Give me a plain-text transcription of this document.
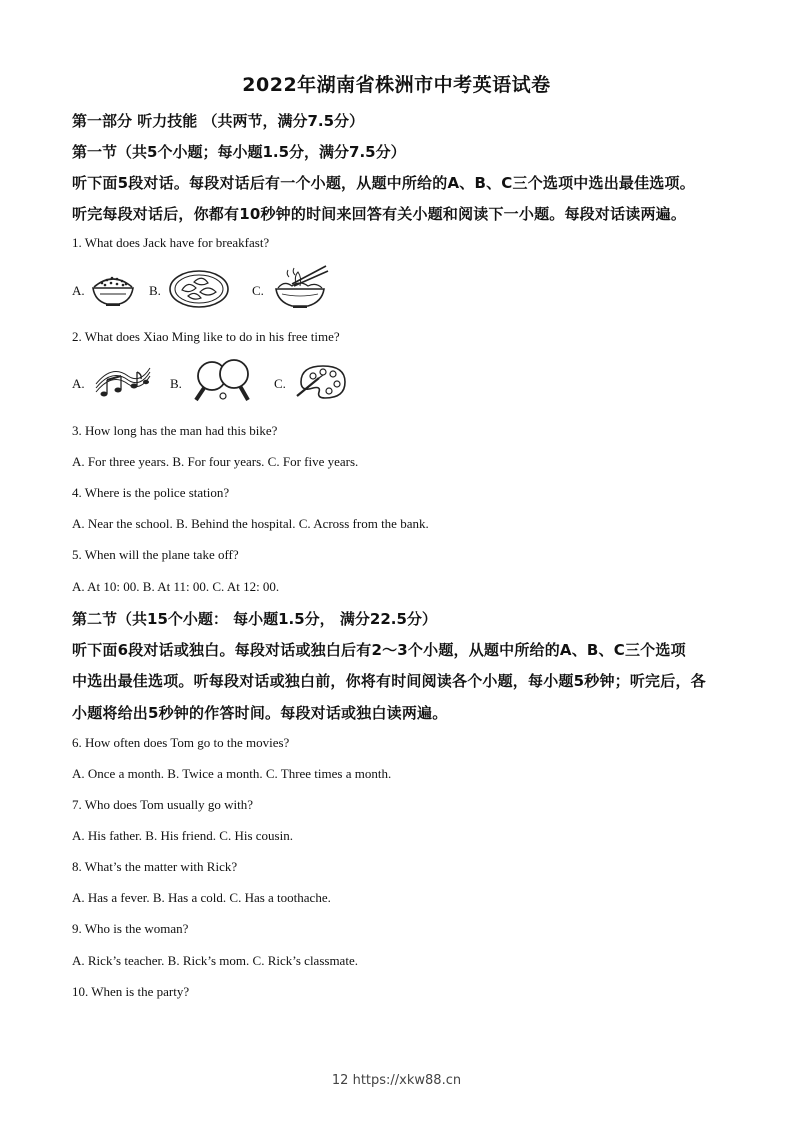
2022年湖南省株洲市中考英语试卷
第一部分 听力技能 （共两节，满分7.5分）
第一节（共5个小题；每小题1.5分，满分7.5分）
听下面5段对话。每段对话后有一个小题，从题中所给的A、B、C三个选项中选出最佳选项。
听完每段对话后，你都有10秒钟的时间来回答有关小题和阅读下一小题。每段对话读两遍。
1. What does Jack have for breakfast?
A.	B.	C.
2. What does Xiao Ming like to do in his free time?
A.	B.	C.
3. How long has the man had this bike?
A. For three years. B. For four years. C. For five years.
4. Where is the police station?
A. Near the school. B. Behind the hospital. C. Across from the bank.
5. When will the plane take off?
A. At 10: 00. B. At 11: 00. C. At 12: 00.
第二节（共15个小题： 每小题1.5分， 满分22.5分）
听下面6段对话或独白。每段对话或独白后有2～3个小题，从题中所给的A、B、C三个选项
中选出最佳选项。听每段对话或独白前，你将有时间阅读各个小题，每小题5秒钟；听完后，各
小题将给出5秒钟的作答时间。每段对话或独白读两遍。
6. How often does Tom go to the movies?
A. Once a month. B. Twice a month. C. Three times a month.
7. Who does Tom usually go with?
A. His father. B. His friend. C. His cousin.
8. What’s the matter with Rick?
A. Has a fever. B. Has a cold. C. Has a toothache.
9. Who is the woman?
A. Rick’s teacher. B. Rick’s mom. C. Rick’s classmate.
10. When is the party?
12 https://xkw88.cn
